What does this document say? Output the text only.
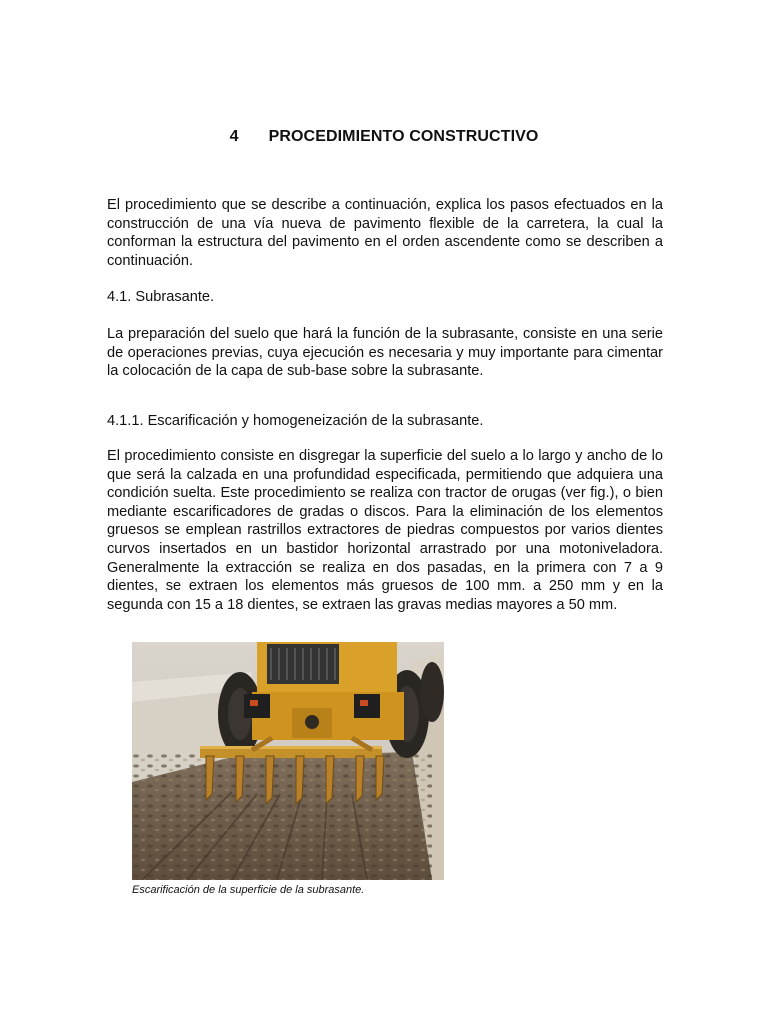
4 PROCEDIMIENTO CONSTRUCTIVO

El procedimiento que se describe a continuación, explica los pasos efectuados en la construcción de una vía nueva de pavimento flexible de la carretera, la cual la conforman la estructura del pavimento en el orden ascendente como se describen a continuación.

4.1. Subrasante.

La preparación del suelo que hará la función de la subrasante, consiste en una serie de operaciones previas, cuya ejecución es necesaria y muy importante para cimentar la colocación de la capa de sub-base sobre la subrasante.

4.1.1. Escarificación y homogeneización de la subrasante.

El procedimiento consiste en disgregar la superficie del suelo a lo largo y ancho de lo que será la calzada en una profundidad especificada, permitiendo que adquiera una condición suelta. Este procedimiento se realiza con tractor de orugas (ver fig.), o bien mediante escarificadores de gradas o discos. Para la eliminación de los elementos gruesos se emplean rastrillos extractores de piedras compuestos por varios dientes curvos insertados en un bastidor horizontal arrastrado por una motoniveladora. Generalmente la extracción se realiza en dos pasadas, en la primera con 7 a 9 dientes, se extraen los elementos más gruesos de 100 mm. a 250 mm y en la segunda con 15 a 18 dientes, se extraen las gravas medias mayores a 50 mm.

Escarificación de la superficie de la subrasante.
